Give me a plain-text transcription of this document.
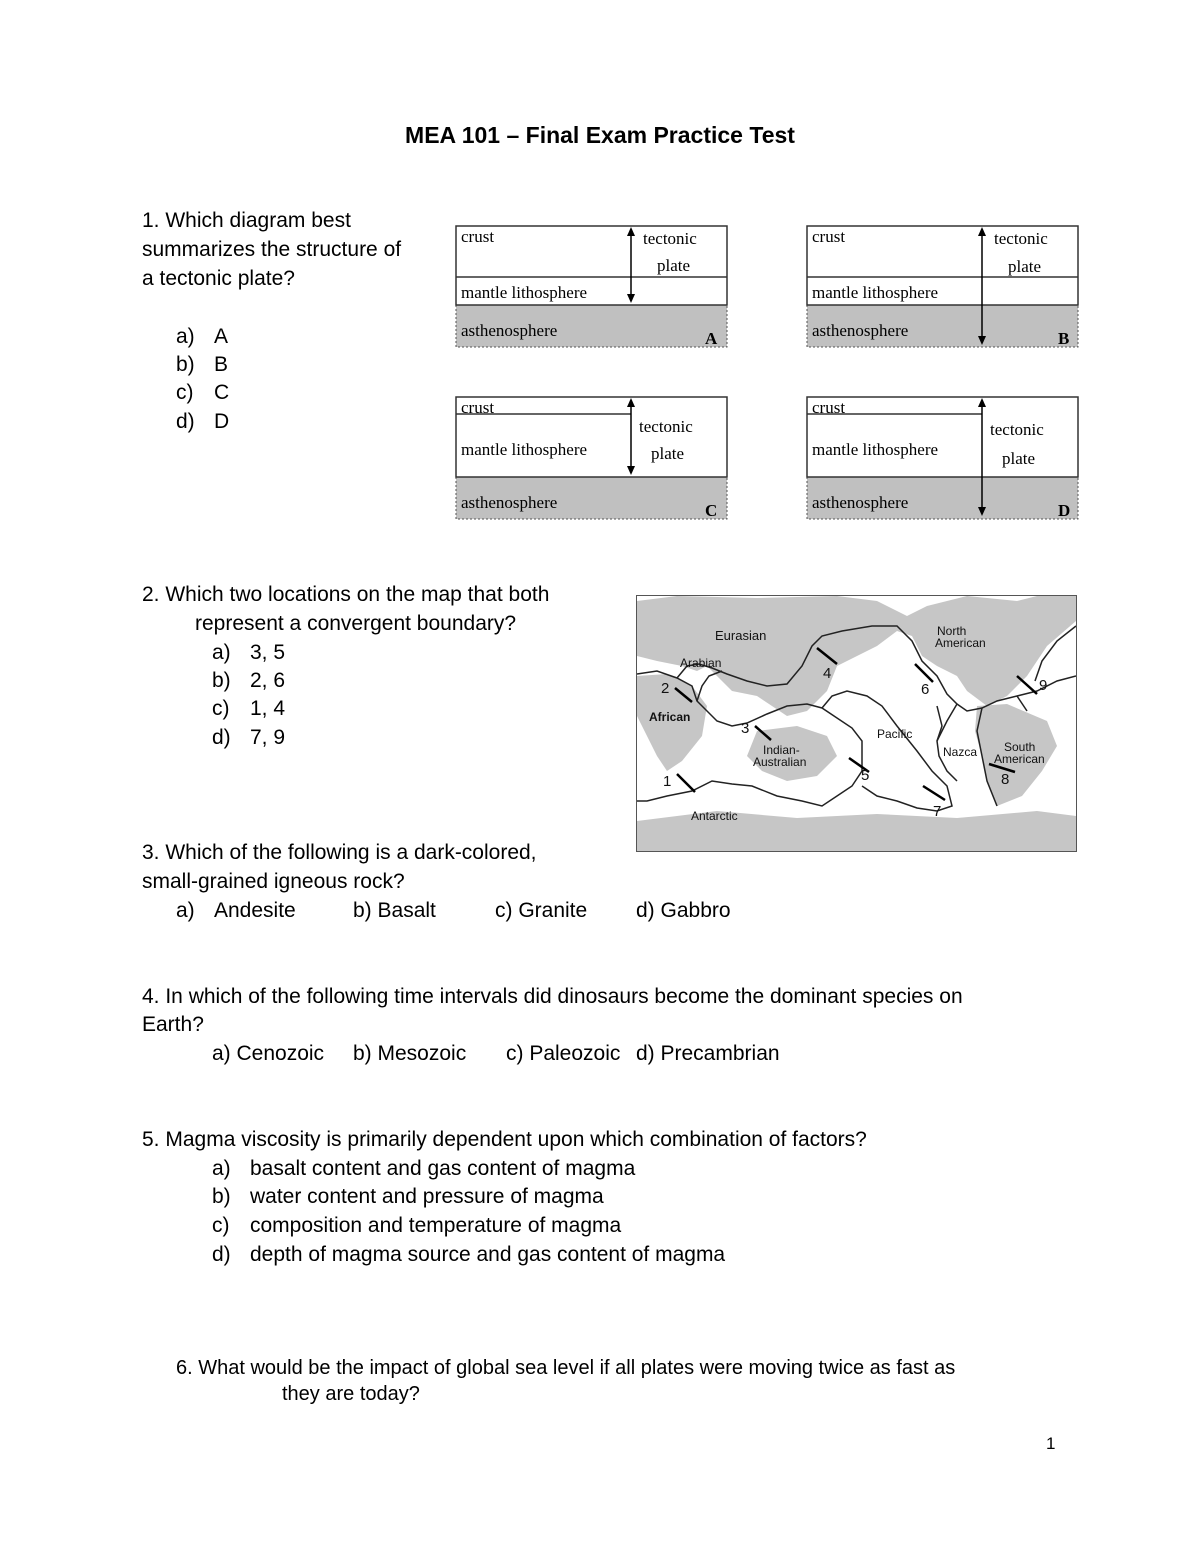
MEA 101 – Final Exam Practice Test
1. Which diagram best
summarizes the structure of
a tectonic plate?
a) A
b) B
c) C
d) D
crust	tectonic
plate
mantle lithosphere
asthenosphere	A
crust	tectonic
plate
mantle lithosphere
asthenosphere	B
crust
tectonic
plate
mantle lithosphere
asthenosphere	C
crust
tectonic
plate
mantle lithosphere
asthenosphere	D
2. Which two locations on the map that both
represent a convergent boundary?
a) 3, 5
b) 2, 6
c) 1, 4
d) 7, 9
Eurasian	North
American
Arabian
African
Indian-
Australian
Pacific
Nazca South
American
Antarctic
1
2
3
4
5
6
7
8
9
3. Which of the following is a dark-colored,
small-grained igneous rock?
a) Andesite	b) Basalt	c) Granite d) Gabbro
4. In which of the following time intervals did dinosaurs become the dominant species on
Earth?
a) Cenozoic b) Mesozoic c) Paleozoic d) Precambrian
5. Magma viscosity is primarily dependent upon which combination of factors?
a) basalt content and gas content of magma
b) water content and pressure of magma
c) composition and temperature of magma
d) depth of magma source and gas content of magma
6. What would be the impact of global sea level if all plates were moving twice as fast as
they are today?
1
